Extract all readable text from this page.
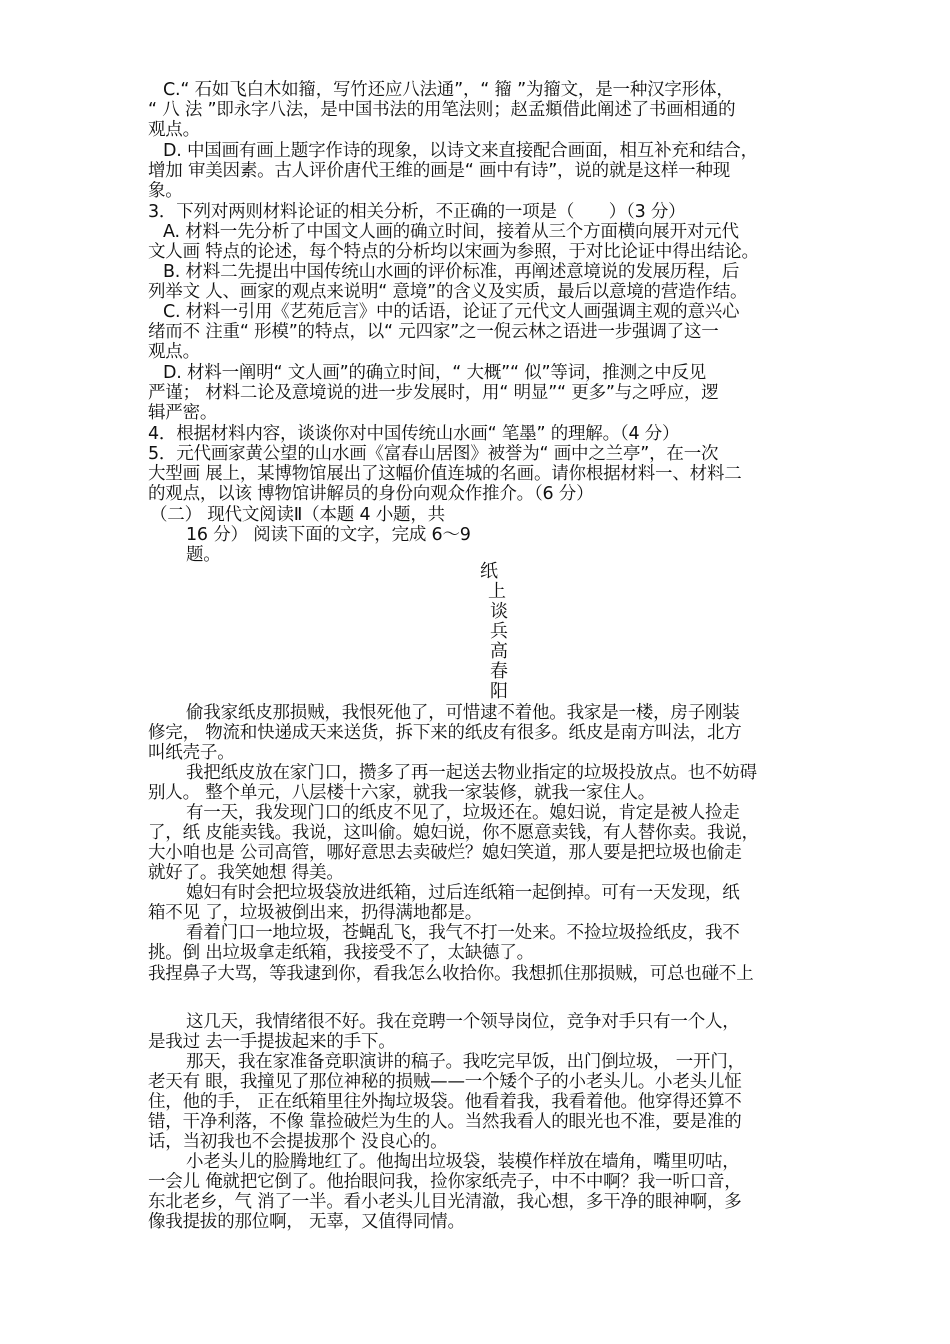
C.“ 石如飞白木如籀，写竹还应八法通”，“ 籀 ”为籀文，是一种汉字形体，
“ 八 法 ”即永字八法，是中国书法的用笔法则；赵孟頫借此阐述了书画相通的
观点。
D. 中国画有画上题字作诗的现象，以诗文来直接配合画面，相互补充和结合，
增加 审美因素。古人评价唐代王维的画是“ 画中有诗”，说的就是这样一种现
象。
3．下列对两则材料论证的相关分析，不正确的一项是（　　）（3 分）
A. 材料一先分析了中国文人画的确立时间，接着从三个方面横向展开对元代
文人画 特点的论述，每个特点的分析均以宋画为参照，于对比论证中得出结论。
B. 材料二先提出中国传统山水画的评价标准，再阐述意境说的发展历程，后
列举文 人、画家的观点来说明“ 意境”的含义及实质，最后以意境的营造作结。
C. 材料一引用《艺苑卮言》中的话语，论证了元代文人画强调主观的意兴心
绪而不 注重“ 形模”的特点，以“ 元四家”之一倪云林之语进一步强调了这一
观点。
D. 材料一阐明“ 文人画”的确立时间，“ 大概”“ 似”等词，推测之中反见
严谨； 材料二论及意境说的进一步发展时，用“ 明显”“ 更多”与之呼应，逻
辑严密。
4．根据材料内容，谈谈你对中国传统山水画“ 笔墨” 的理解。（4 分）
5．元代画家黄公望的山水画《富春山居图》被誉为“ 画中之兰亭”，在一次
大型画 展上，某博物馆展出了这幅价值连城的名画。请你根据材料一、材料二
的观点，以该 博物馆讲解员的身份向观众作推介。（6 分）
（二） 现代文阅读Ⅱ（本题 4 小题，共
16 分） 阅读下面的文字，完成 6～9
题。
纸
上
谈
兵
高
春
阳
偷我家纸皮那损贼，我恨死他了，可惜逮不着他。我家是一楼，房子刚装
修完， 物流和快递成天来送货，拆下来的纸皮有很多。纸皮是南方叫法，北方
叫纸壳子。
我把纸皮放在家门口，攒多了再一起送去物业指定的垃圾投放点。也不妨碍
别人。 整个单元，八层楼十六家，就我一家装修，就我一家住人。
有一天，我发现门口的纸皮不见了，垃圾还在。媳妇说，肯定是被人捡走
了，纸 皮能卖钱。我说，这叫偷。媳妇说，你不愿意卖钱，有人替你卖。我说，
大小咱也是 公司高管，哪好意思去卖破烂？媳妇笑道，那人要是把垃圾也偷走
就好了。我笑她想 得美。
媳妇有时会把垃圾袋放进纸箱，过后连纸箱一起倒掉。可有一天发现，纸
箱不见 了，垃圾被倒出来，扔得满地都是。
看着门口一地垃圾，苍蝇乱飞，我气不打一处来。不捡垃圾捡纸皮，我不
挑。倒 出垃圾拿走纸箱，我接受不了，太缺德了。
我捏鼻子大骂，等我逮到你，看我怎么收拾你。我想抓住那损贼，可总也碰不上
这几天，我情绪很不好。我在竞聘一个领导岗位，竞争对手只有一个人，
是我过 去一手提拔起来的手下。
那天，我在家准备竞职演讲的稿子。我吃完早饭，出门倒垃圾， 一开门，
老天有 眼，我撞见了那位神秘的损贼——一个矮个子的小老头儿。小老头儿怔
住，他的手， 正在纸箱里往外掏垃圾袋。他看着我，我看着他。他穿得还算不
错，干净利落，不像 靠捡破烂为生的人。当然我看人的眼光也不准，要是准的
话，当初我也不会提拔那个 没良心的。
小老头儿的脸腾地红了。他掏出垃圾袋，装模作样放在墙角，嘴里叨咕，
一会儿 俺就把它倒了。他抬眼问我，捡你家纸壳子，中不中啊？我一听口音，
东北老乡，气 消了一半。看小老头儿目光清澈，我心想，多干净的眼神啊，多
像我提拔的那位啊， 无辜，又值得同情。
